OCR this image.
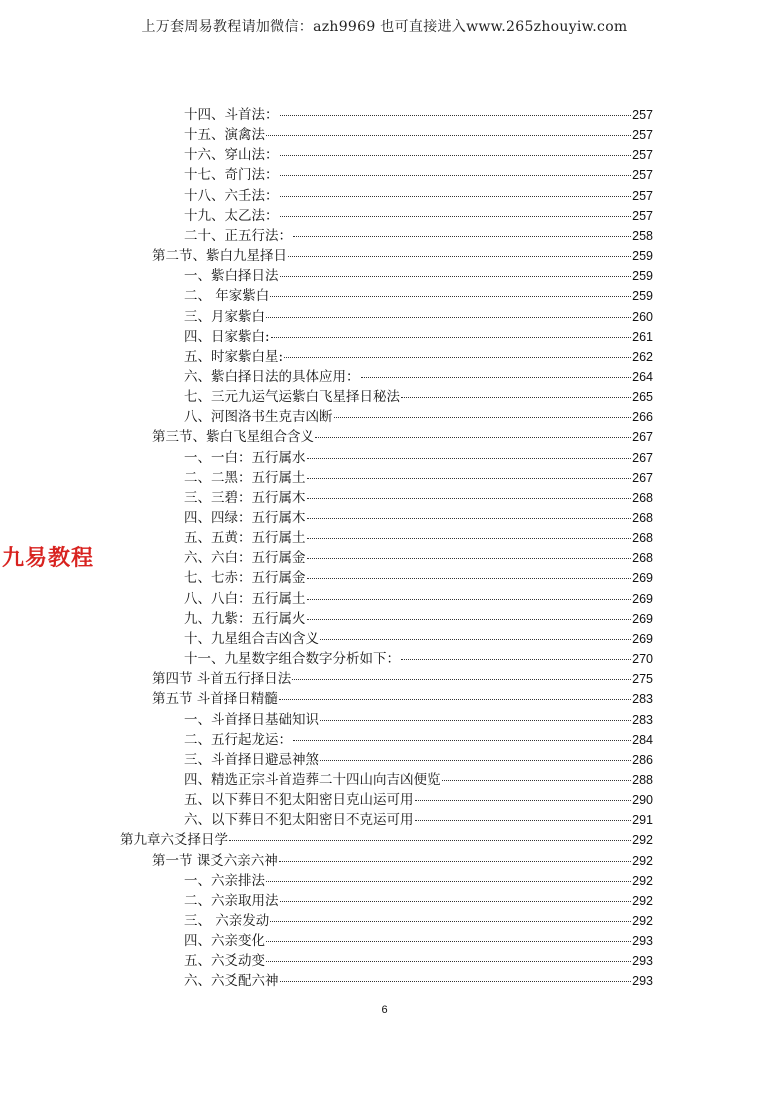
上万套周易教程请加微信：azh9969 也可直接进入www.265zhouyiw.com
九易教程
十四、斗首法：	257
十五、演禽法	257
十六、穿山法：	257
十七、奇门法：	257
十八、六壬法：	257
十九、太乙法：	257
二十、正五行法：	258
第二节、紫白九星择日	259
一、紫白择日法	259
二、 年家紫白	259
三、月家紫白	260
四、日家紫白:	261
五、时家紫白星:	262
六、紫白择日法的具体应用：	264
七、三元九运气运紫白飞星择日秘法	265
八、河图洛书生克吉凶断	266
第三节、紫白飞星组合含义	267
一、一白：五行属水	267
二、二黑：五行属土	267
三、三碧：五行属木	268
四、四绿：五行属木	268
五、五黄：五行属土	268
六、六白：五行属金	268
七、七赤：五行属金	269
八、八白：五行属土	269
九、九紫：五行属火	269
十、九星组合吉凶含义	269
十一、九星数字组合数字分析如下：	270
第四节 斗首五行择日法	275
第五节 斗首择日精髓	283
一、斗首择日基础知识	283
二、五行起龙运：	284
三、斗首择日避忌神煞	286
四、精选正宗斗首造葬二十四山向吉凶便览	288
五、以下葬日不犯太阳密日克山运可用	290
六、以下葬日不犯太阳密日不克运可用	291
第九章六爻择日学	292
第一节 课爻六亲六神	292
一、六亲排法	292
二、六亲取用法	292
三、 六亲发动	292
四、六亲变化	293
五、六爻动变	293
六、六爻配六神	293
6
